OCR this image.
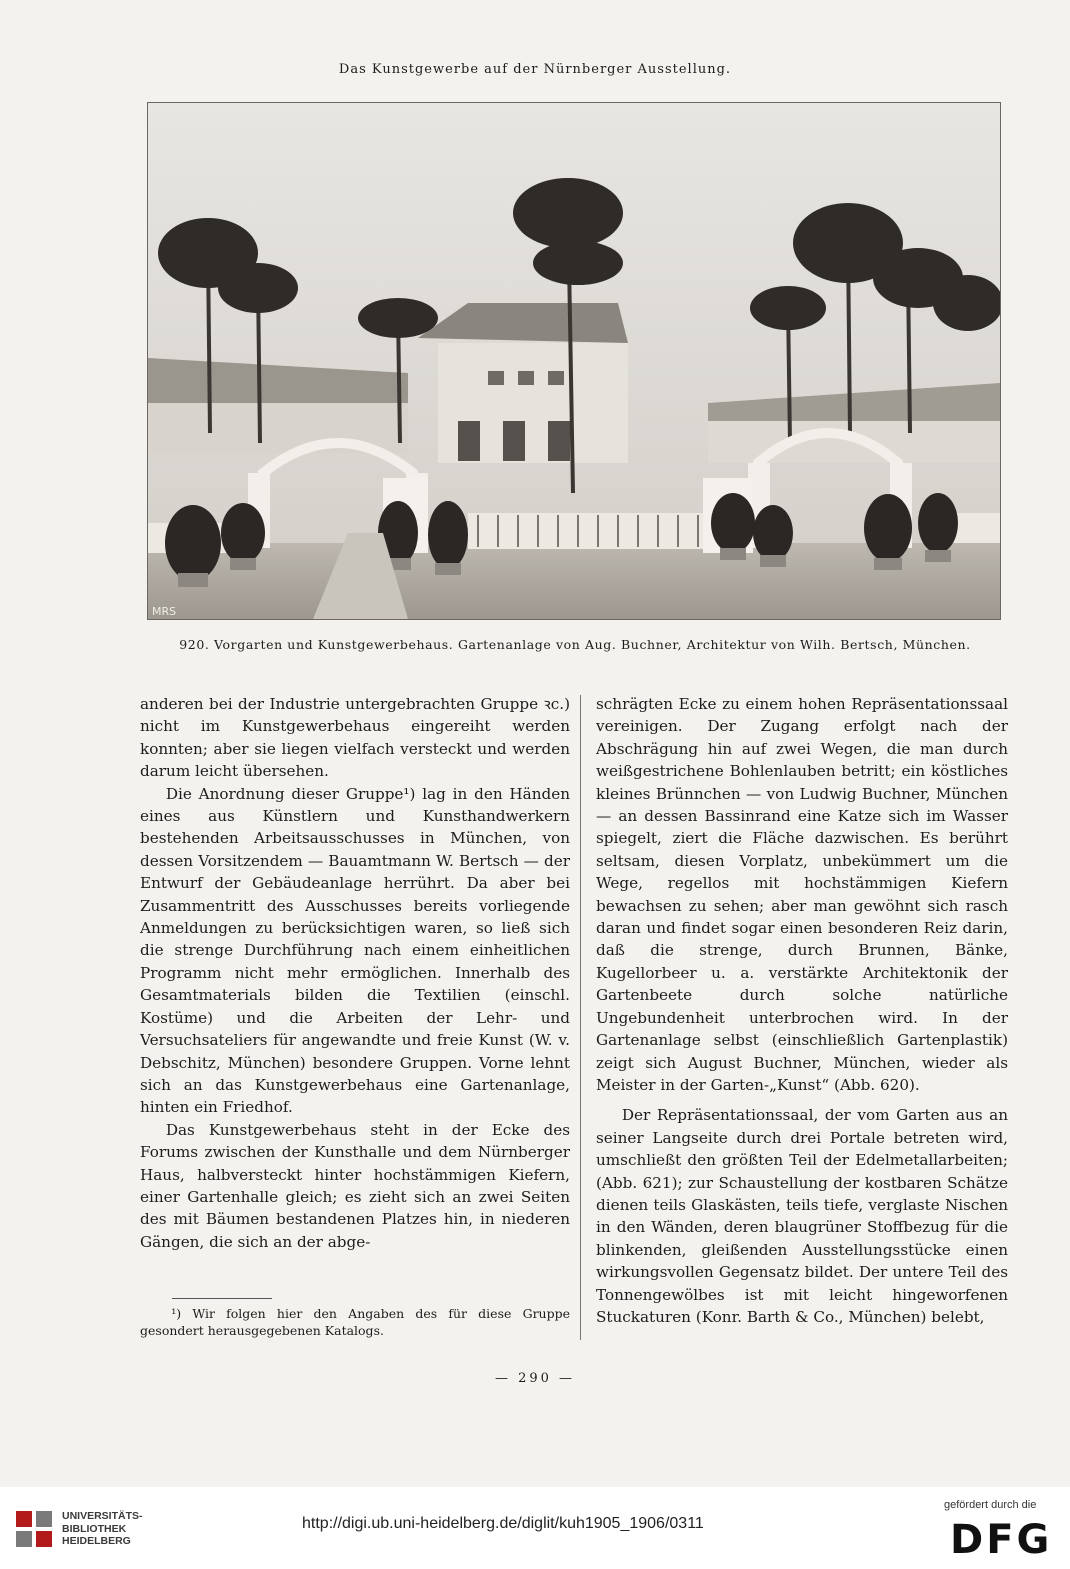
Das Kunstgewerbe auf der Nürnberger Ausstellung.
MRS
920. Vorgarten und Kunstgewerbehaus. Gartenanlage von Aug. Buchner, Architektur von Wilh. Bertsch, München.

anderen bei der Industrie untergebrachten Gruppe ꝛc.) nicht im Kunstgewerbehaus eingereiht werden konnten; aber sie liegen vielfach versteckt und werden darum leicht übersehen.

Die Anordnung dieser Gruppe¹) lag in den Händen eines aus Künstlern und Kunsthandwerkern bestehenden Arbeitsausschusses in München, von dessen Vorsitzendem — Bauamtmann W. Bertsch — der Entwurf der Gebäudeanlage herrührt. Da aber bei Zusammentritt des Ausschusses bereits vorliegende Anmeldungen zu berücksichtigen waren, so ließ sich die strenge Durchführung nach einem einheitlichen Programm nicht mehr ermöglichen. Innerhalb des Gesamtmaterials bilden die Textilien (einschl. Kostüme) und die Arbeiten der Lehr- und Versuchsateliers für angewandte und freie Kunst (W. v. Debschitz, München) besondere Gruppen. Vorne lehnt sich an das Kunstgewerbehaus eine Gartenanlage, hinten ein Friedhof.

Das Kunstgewerbehaus steht in der Ecke des Forums zwischen der Kunsthalle und dem Nürnberger Haus, halbversteckt hinter hochstämmigen Kiefern, einer Gartenhalle gleich; es zieht sich an zwei Seiten des mit Bäumen bestandenen Platzes hin, in niederen Gängen, die sich an der abge-

schrägten Ecke zu einem hohen Repräsentationssaal vereinigen. Der Zugang erfolgt nach der Abschrägung hin auf zwei Wegen, die man durch weißgestrichene Bohlenlauben betritt; ein köstliches kleines Brünnchen — von Ludwig Buchner, München — an dessen Bassinrand eine Katze sich im Wasser spiegelt, ziert die Fläche dazwischen. Es berührt seltsam, diesen Vorplatz, unbekümmert um die Wege, regellos mit hochstämmigen Kiefern bewachsen zu sehen; aber man gewöhnt sich rasch daran und findet sogar einen besonderen Reiz darin, daß die strenge, durch Brunnen, Bänke, Kugellorbeer u. a. verstärkte Architektonik der Gartenbeete durch solche natürliche Ungebundenheit unterbrochen wird. In der Gartenanlage selbst (einschließlich Gartenplastik) zeigt sich August Buchner, München, wieder als Meister in der Garten-„Kunst“ (Abb. 620).

Der Repräsentationssaal, der vom Garten aus an seiner Langseite durch drei Portale betreten wird, umschließt den größten Teil der Edelmetallarbeiten; (Abb. 621); zur Schaustellung der kostbaren Schätze dienen teils Glaskästen, teils tiefe, verglaste Nischen in den Wänden, deren blaugrüner Stoffbezug für die blinkenden, gleißenden Ausstellungsstücke einen wirkungsvollen Gegensatz bildet. Der untere Teil des Tonnengewölbes ist mit leicht hingeworfenen Stuckaturen (Konr. Barth & Co., München) belebt,

¹) Wir folgen hier den Angaben des für diese Gruppe gesondert herausgegebenen Katalogs.

— 290 —
UNIVERSITÄTS-
BIBLIOTHEK
HEIDELBERG
http://digi.ub.uni-heidelberg.de/diglit/kuh1905_1906/0311
gefördert durch die
DFG
